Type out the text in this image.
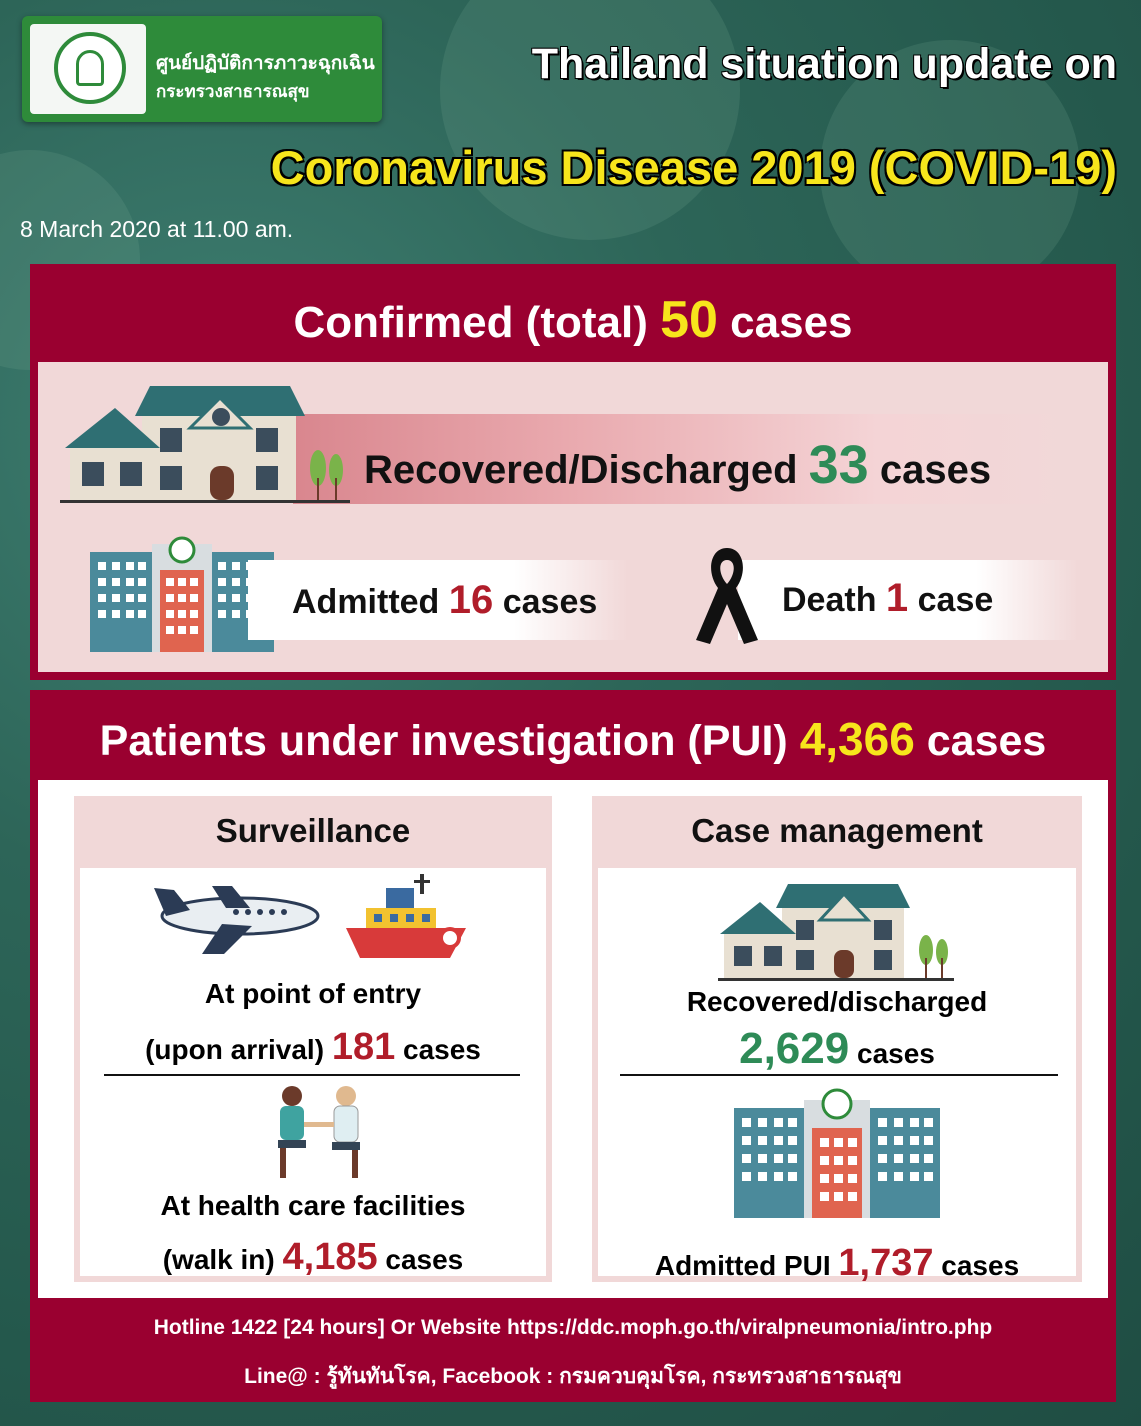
ศูนย์ปฏิบัติการภาวะฉุกเฉิน
กระทรวงสาธารณสุข
Thailand situation update on
Coronavirus Disease 2019 (COVID-19)
8 March 2020 at 11.00 am.
Confirmed (total) 50 cases
Recovered/Discharged 33 cases
Admitted 16 cases	Death 1 case
Patients under investigation (PUI) 4,366 cases
Surveillance
At point of entry
(upon arrival) 181 cases
At health care facilities
(walk in) 4,185 cases
Case management
Recovered/discharged
2,629 cases
Admitted PUI 1,737 cases
Hotline 1422 [24 hours] Or Website https://ddc.moph.go.th/viralpneumonia/intro.php
Line@ : รู้ทันทันโรค, Facebook : กรมควบคุมโรค, กระทรวงสาธารณสุข
